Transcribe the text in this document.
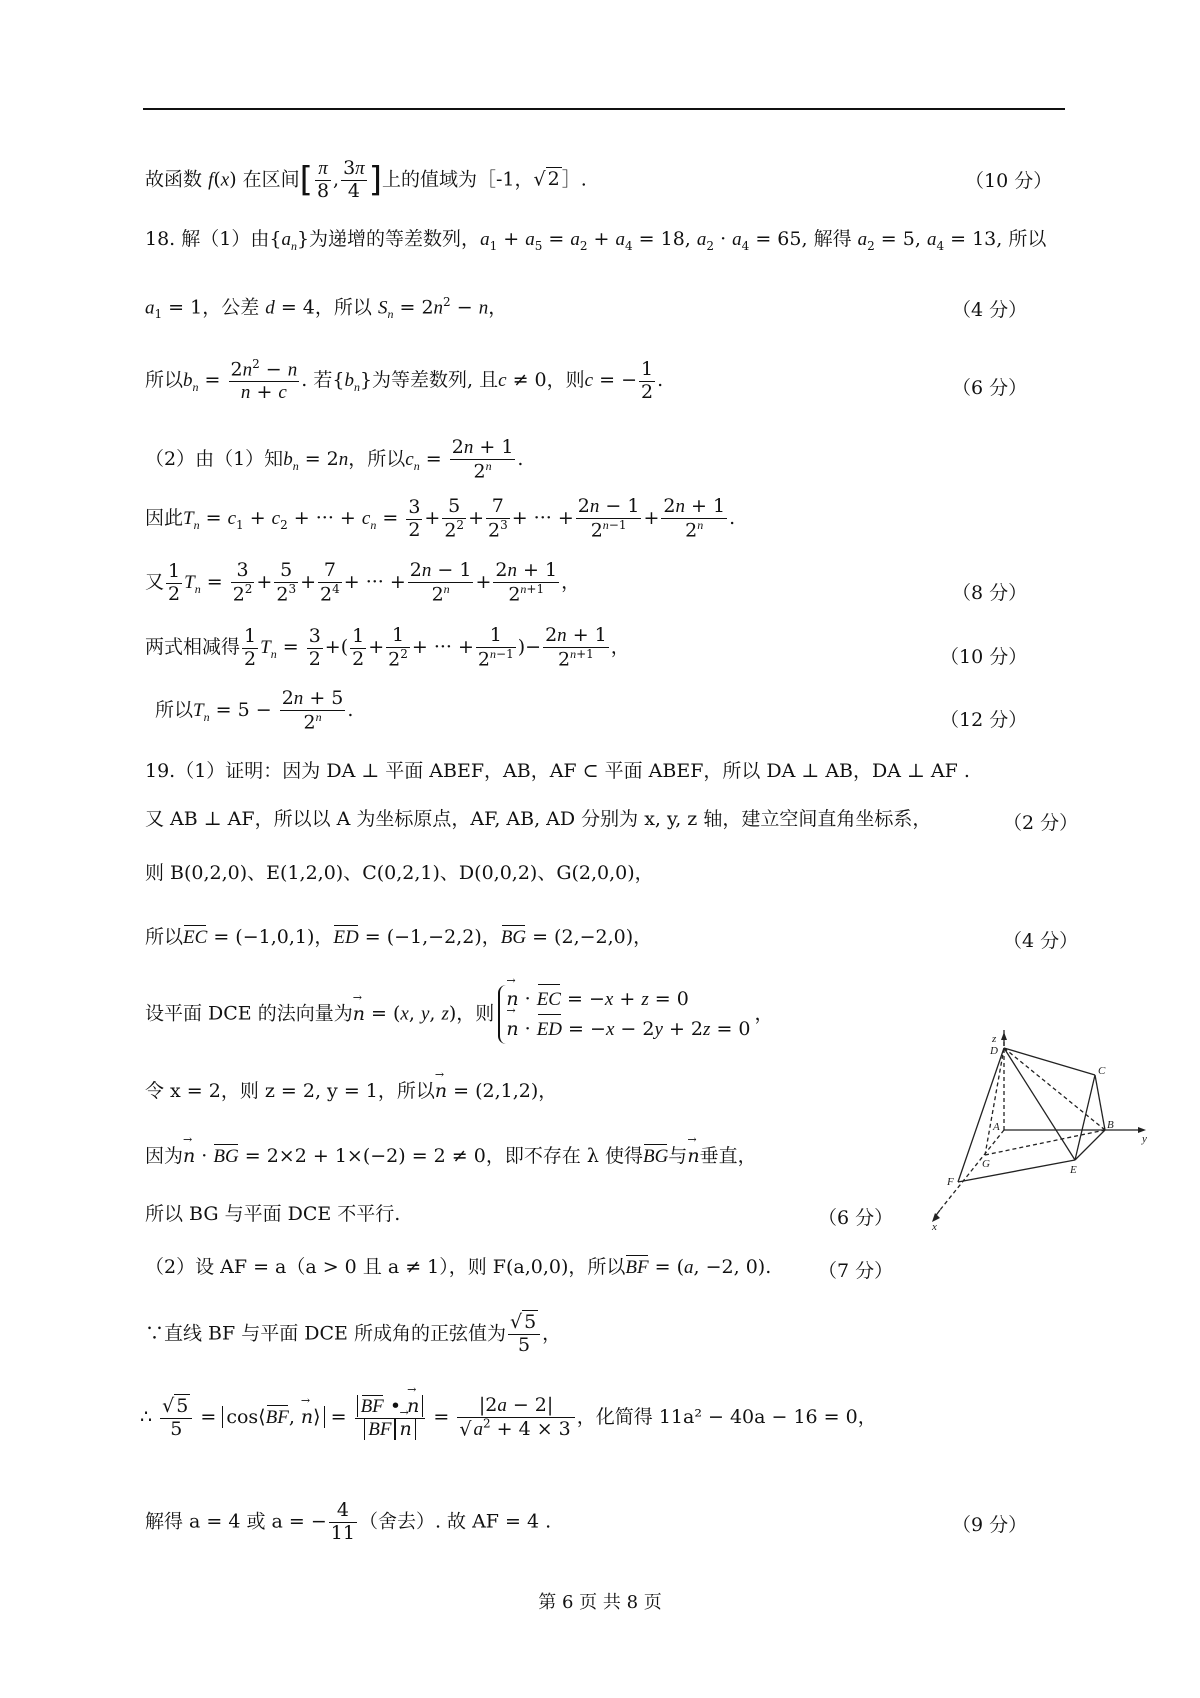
故函数 f(x) 在区间[ $\frac{\pi}{8}$ , $\frac{3\pi}{4}$ ]上的值域为［-1，√ 2 ］.	（10 分）
18. 解（1）由$\{a_n\}$为递增的等差数列，$a_1 + a_5 = a_2 + a_4 = 18$, $a_2 \cdot a_4 = 65$, 解得 $a_2 = 5$, $a_4 = 13$, 所以
$a_1 = 1$，公差 d = 4，所以 $S_n = 2n^2 - n$，	（4 分）
所以$b_n = \frac{2n^2 - n}{n + c}$ . 若$\{b_n\}$为等差数列, 且c ≠ 0，则c = − $\frac{1}{2}$ .	（6 分）
（2）由（1）知$b_n = 2n$，所以$c_n = \frac{2n + 1}{2^n}$ .
因此$T_n = c_1 + c_2$ + ··· + $c_n = \frac{3}{2} + \frac{5}{2^2} + \frac{7}{2^3}$ + ··· + $\frac{2n - 1}{2^{n-1}} + \frac{2n + 1}{2^n}$ .
又 $\frac{1}{2} T_n = \frac{3}{2^2} + \frac{5}{2^3} + \frac{7}{2^4}$ + ··· + $\frac{2n - 1}{2^n} + \frac{2n + 1}{2^{n+1}}$ ，	（8 分）
两式相减得 $\frac{1}{2} T_n = \frac{3}{2}$ +( $\frac{1}{2} + \frac{1}{2^2}$ + ··· + $\frac{1}{2^{n-1}}$ )− $\frac{2n + 1}{2^{n+1}}$ ，	（10 分）
所以$T_n = 5 - \frac{2n + 5}{2^n}$ .	（12 分）
19.（1）证明：因为 DA ⊥ 平面 ABEF，AB，AF ⊂ 平面 ABEF，所以 DA ⊥ AB，DA ⊥ AF .
又 AB ⊥ AF，所以以 A 为坐标原点，AF, AB, AD 分别为 x, y, z 轴，建立空间直角坐标系，	（2 分）
则 B(0,2,0)、E(1,2,0)、C(0,2,1)、D(0,0,2)、G(2,0,0)，
所以EC = (−1,0,1)，ED = (−1,−2,2)，BG = (2,−2,0)，	（4 分）
设平面 DCE 的法向量为→ n = (x, y, z)，则
→ n · EC = −x + z = 0
→ n · ED = −x − 2y + 2z = 0
，
令 x = 2，则 z = 2, y = 1，所以→ n = (2,1,2)，
因为→ n · BG = 2×2 + 1×(−2) = 2 ≠ 0，即不存在 λ 使得BG与→ n垂直，
所以 BG 与平面 DCE 不平行.	（6 分）
（2）设 AF = a（a > 0 且 a ≠ 1），则 F(a,0,0)，所以BF = (a, −2, 0). （7 分）
∵直线 BF 与平面 DCE 所成角的正弦值为 $\frac{√ 5}{5}$ ，
∴ $\frac{√ 5}{5}$ = cos⟨BF, → n⟩ = $\frac{BF • \to n}{BF\to n} = \frac{|2a - 2|}{√ a^2 + 4 \times 3}$ ，化简得 11a² − 40a − 16 = 0，
解得 a = 4 或 a = − $\frac{4}{11}$ （舍去）. 故 AF = 4 .	（9 分）
z
D
C
A	B
y
G	E
F
x
第 6 页 共 8 页
